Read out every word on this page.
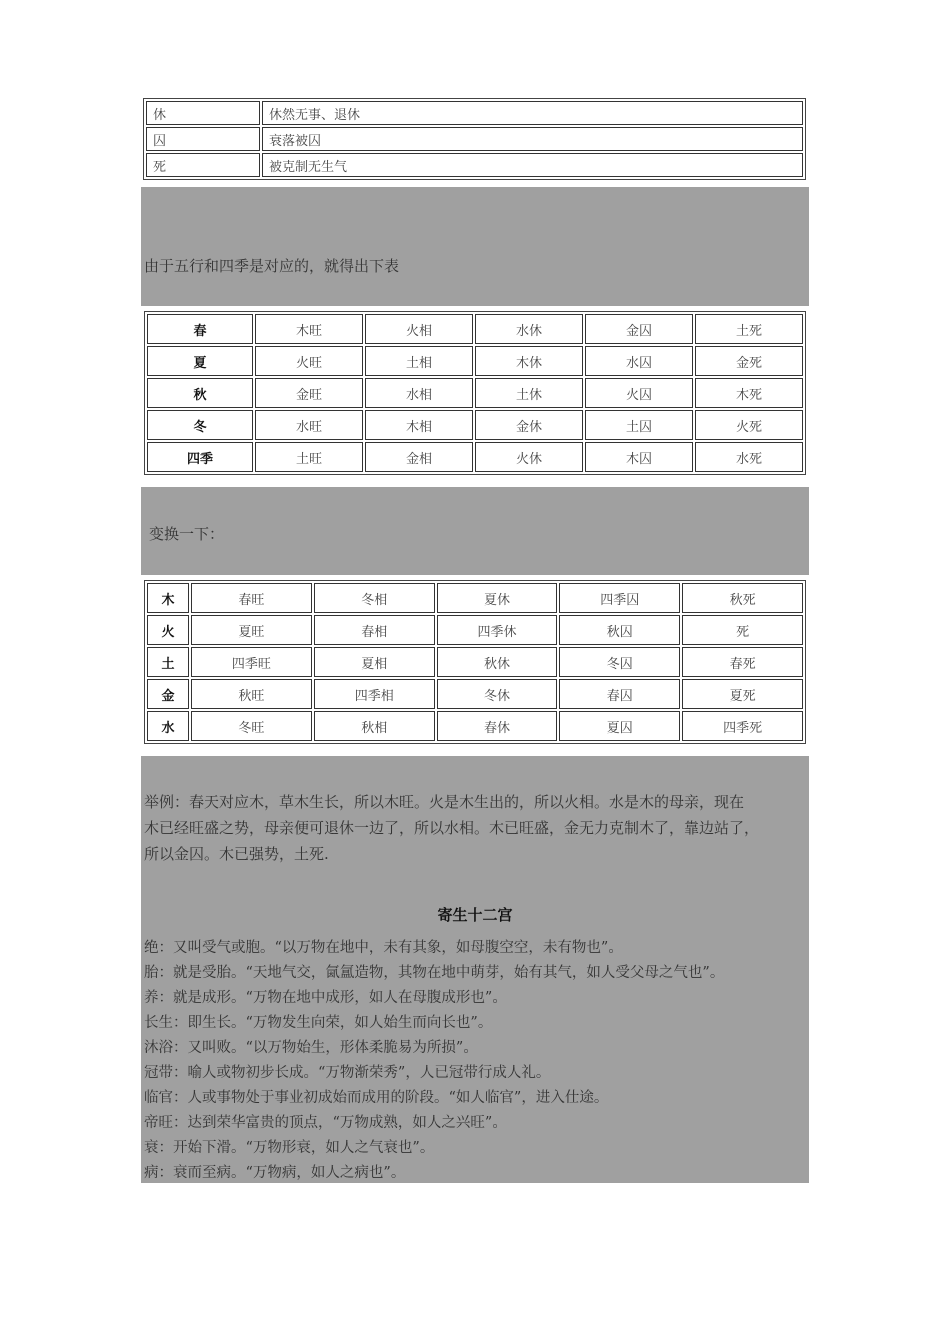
休	休然无事、退休
囚	衰落被囚
死	被克制无生气
由于五行和四季是对应的，就得出下表
春	木旺	火相	水休	金囚	土死
夏	火旺	土相	木休	水囚	金死
秋	金旺	水相	土休	火囚	木死
冬	水旺	木相	金休	土囚	火死
四季	土旺	金相	火休	木囚	水死
变换一下：
木	春旺	冬相	夏休	四季囚	秋死
火	夏旺	春相	四季休	秋囚	死
土	四季旺	夏相	秋休	冬囚	春死
金	秋旺	四季相	冬休	春囚	夏死
水	冬旺	秋相	春休	夏囚	四季死
举例：春天对应木，草木生长，所以木旺。火是木生出的，所以火相。水是木的母亲，现在
木已经旺盛之势，母亲便可退休一边了，所以水相。木已旺盛，金无力克制木了，靠边站了，
所以金囚。木已强势，土死.
寄生十二宫
绝：又叫受气或胞。“以万物在地中，未有其象，如母腹空空，未有物也”。
胎：就是受胎。“天地气交，氤氲造物，其物在地中萌芽，始有其气，如人受父母之气也”。
养：就是成形。“万物在地中成形，如人在母腹成形也”。
长生：即生长。“万物发生向荣，如人始生而向长也”。
沐浴：又叫败。“以万物始生，形体柔脆易为所损”。
冠带：喻人或物初步长成。“万物渐荣秀”，人已冠带行成人礼。
临官：人或事物处于事业初成始而成用的阶段。“如人临官”，进入仕途。
帝旺：达到荣华富贵的顶点，“万物成熟，如人之兴旺”。
衰：开始下滑。“万物形衰，如人之气衰也”。
病：衰而至病。“万物病，如人之病也”。
